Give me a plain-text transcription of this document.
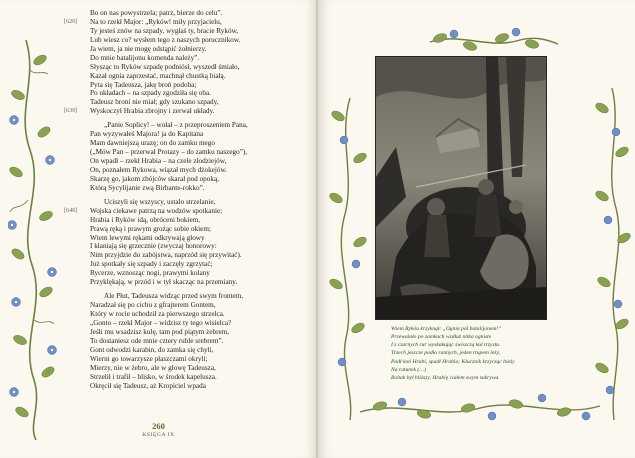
Bo on nas powystrzela; patrz, bierze do celu”.
[620] Na to rzekł Major: „Ryków! miły przyjacielu,
Ty jesteś znów na szpady, wygłaś ty, bracie Ryków,
Lub wiesz co? wysłem tego z naszych porucznikow.
Ja wiem, ja nie mogę odstąpić żołnierzy.
Do mnie batalijonu komenda należy”.
Słysząc to Ryków szpadę podniósł, wyszedł śmiało,
Kazał ognia zaprzestać, machnął chustką białą.
Pyta się Tadeusza, jakę broń podoba;
Po układach – na szpady zgodziła się oba.
Tadeusz broni nie miał; gdy szukano szpady,
[630] Wyskoczył Hrabia zbrojny i zerwał układy.
„Panie Soplicy! – wołał – z przeproszeniem Pana,
Pan wyzywałeś Majora! ja do Kapitana
Mam dawniejszą urazę; on do zamku mego
(„Mów Pan – przerwał Protazy – do zamku naszego”),
On wpadł – rzekł Hrabia – na czele złodziejów,
On, poznałem Rykowa, wiązał mych dżokejów.
Skarzę go, jakom zbójców skarał pod opoką,
Którą Sycylijanie zwą Birbante-rokko”.
Uciszyli się wszyscy, ustało strzelanie,
[640] Wojska ciekawe patrzą na wodzów spotkanie;
Hrabia i Ryków idą, obróceni bokiem,
Prawą ręką i prawym grożąc sobie okiem;
Wtem lewymi rękami odkrywają głowy
I kłaniają się grzecznie (zwyczaj honorowy:
Nim przyjdzie do zabójstwa, naprzód się przywitać).
Już spotkały się szpady i zaczęły zgrzytać;
Rycerze, wznosząc nogi, prawymi kolany
Przyklękają, w przód i w tył skacząc na przemiany.
Ale Płut, Tadeusza widząc przed swym frontem,
Naradzał się po cichu z gfrajterem Gontem,
Który w rocie uchodził za pierwszego strzelca.
„Gonto – rzekł Major – widzisz ty tego wisielca?
Jeśli mu wsadzisz kulę, tam pod piątym żebrem,
To dostaniesz ode mnie cztery ruble srebrem”.
Gont odwodzi karabin, do zamka się chyli,
Wierni go towarzysze płaszczami okryli;
Mierzy, nie w żebro, ale w głowę Tadeusza,
Strzelił i trafił – blisko, w środek kapelusza.
Okręcił się Tadeusz, aż Kropiciel wpada
260
KSIĘGA IX
Wtem Rykóu krzyknął: „Ognia pól batalijonem!”
Przewalało po zamkach wzdłuż nitka ogniste
I z czarnych rur wyskakując świszczą kul trzystu.
Trzech jeszcze padło rannych, jeden trupem leży,
Padł koń Hrabi, spadł Hrabia; Kłucznik krzycząc bieży
Na ratunek (…)
Robak był bliższy, Hrabię ciałem swym zakrywa.
